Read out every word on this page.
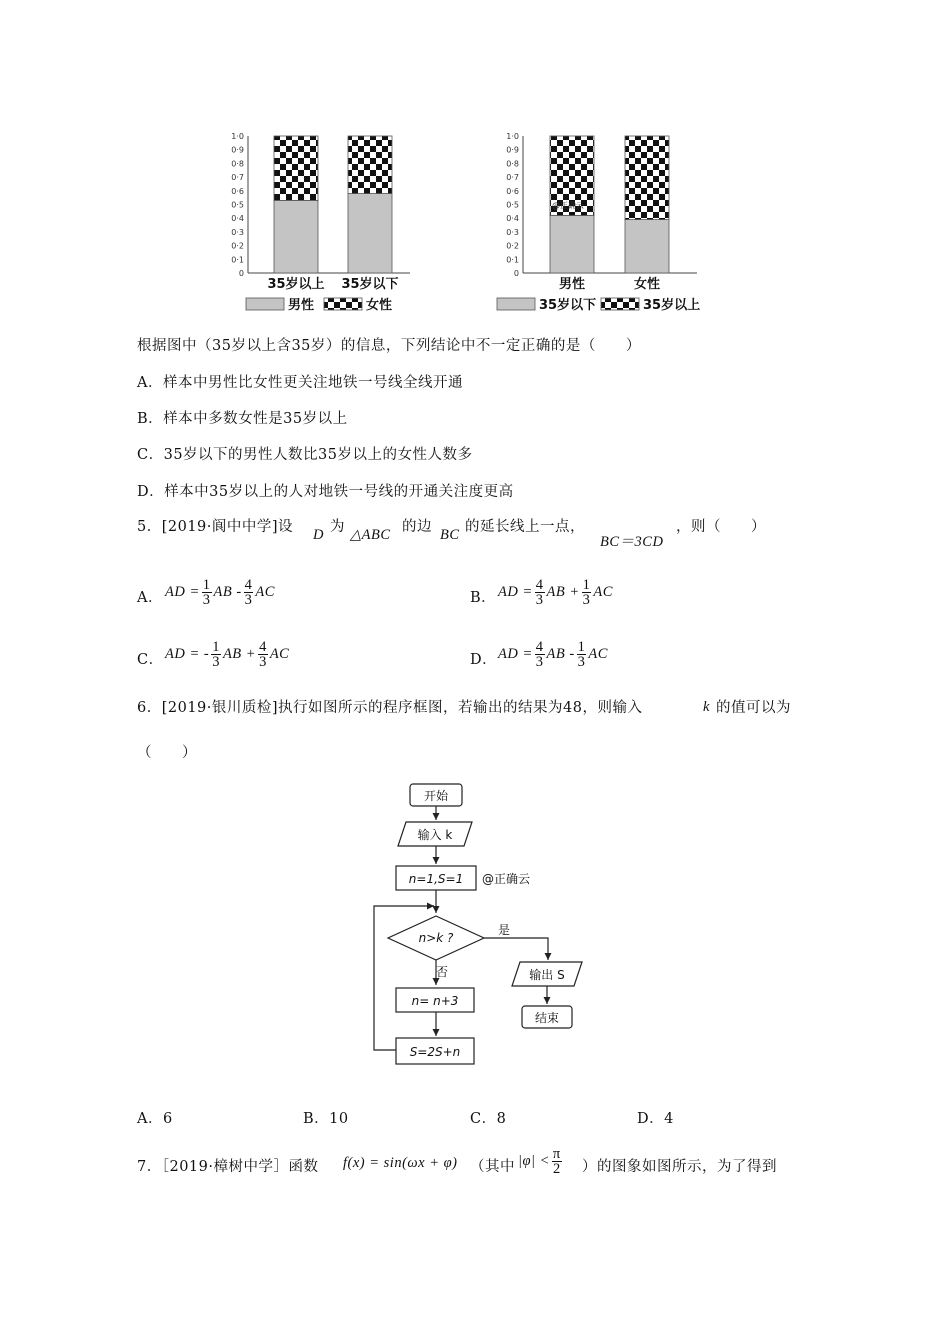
0
0·1
0·2
0·3
0·4
0·5
0·6
0·7
0·8
0·9
1·0
35岁以上 35岁以下
男性	女性
0
0·1
0·2
0·3
0·4
0·5
0·6
0·7
0·8
0·9
1·0
男性	女性
35岁以下	35岁以上
@正确云
根据图中（35岁以上含35岁）的信息，下列结论中不一定正确的是（　　）
A．样本中男性比女性更关注地铁一号线全线开通
B．样本中多数女性是35岁以上
C．35岁以下的男性人数比35岁以上的女性人数多
D．样本中35岁以上的人对地铁一号线的开通关注度更高
5．[2019·阆中中学]设 D 为 △ABC 的边 BC 的延长线上一点，
BC＝3CD
，则（　　）
A． AD = $\frac{1}{3}$ AB - $\frac{4}{3}$ AC	B． AD = $\frac{4}{3}$ AB + $\frac{1}{3}$ AC
C． AD = - $\frac{1}{3}$ AB + $\frac{4}{3}$ AC	D． AD = $\frac{4}{3}$ AB - $\frac{1}{3}$ AC
6．[2019·银川质检]执行如图所示的程序框图，若输出的结果为48，则输入	k 的值可以为
（　　）
开始
输入 k
n=1,S=1 @正确云
n>k ?
是
否	输出 S
结束
n= n+3
S=2S+n
A．6	B．10	C．8	D．4
7．［2019·樟树中学］函数 f(x) = sin(ωx + φ) （其中 $|\varphi| < \frac{\pi}{2}$ ）的图象如图所示，为了得到
